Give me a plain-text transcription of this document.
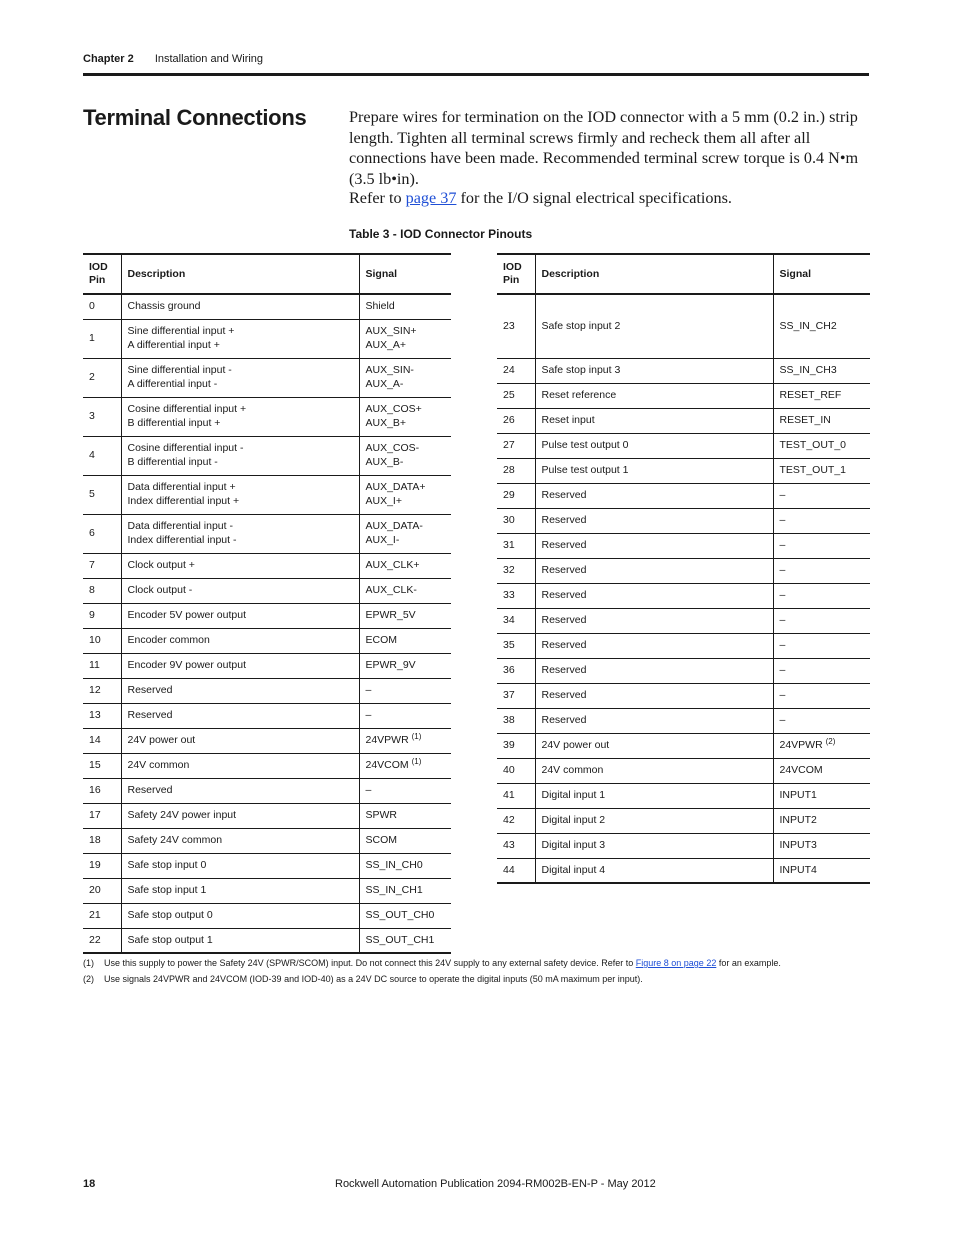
Chapter 2 Installation and Wiring
Terminal Connections	Prepare wires for termination on the IOD connector with a 5 mm (0.2 in.) strip length. Tighten all terminal screws firmly and recheck them all after all connections have been made. Recommended terminal screw torque is 0.4 N•m (3.5 lb•in).

Refer to page 37 for the I/O signal electrical specifications.

Table 3 - IOD Connector Pinouts

IOD
Pin	Description	Signal
0	Chassis ground	Shield
1	Sine differential input +
A differential input +	AUX_SIN+
AUX_A+
2	Sine differential input -
A differential input -	AUX_SIN-
AUX_A-
3	Cosine differential input +
B differential input +	AUX_COS+
AUX_B+
4	Cosine differential input -
B differential input -	AUX_COS-
AUX_B-
5	Data differential input +
Index differential input +	AUX_DATA+
AUX_I+
6	Data differential input -
Index differential input -	AUX_DATA-
AUX_I-
7	Clock output +	AUX_CLK+
8	Clock output -	AUX_CLK-
9	Encoder 5V power output	EPWR_5V
10	Encoder common	ECOM
11	Encoder 9V power output	EPWR_9V
12	Reserved	–
13	Reserved	–
14	24V power out	24VPWR $^{(1)}$
15	24V common	24VCOM $^{(1)}$
16	Reserved	–
17	Safety 24V power input	SPWR
18	Safety 24V common	SCOM
19	Safe stop input 0	SS_IN_CH0
20	Safe stop input 1	SS_IN_CH1
21	Safe stop output 0	SS_OUT_CH0
22	Safe stop output 1	SS_OUT_CH1
IOD
Pin	Description	Signal
23	Safe stop input 2	SS_IN_CH2
24	Safe stop input 3	SS_IN_CH3
25	Reset reference	RESET_REF
26	Reset input	RESET_IN
27	Pulse test output 0	TEST_OUT_0
28	Pulse test output 1	TEST_OUT_1
29	Reserved	–
30	Reserved	–
31	Reserved	–
32	Reserved	–
33	Reserved	–
34	Reserved	–
35	Reserved	–
36	Reserved	–
37	Reserved	–
38	Reserved	–
39	24V power out	24VPWR $^{(2)}$
40	24V common	24VCOM
41	Digital input 1	INPUT1
42	Digital input 2	INPUT2
43	Digital input 3	INPUT3
44	Digital input 4	INPUT4
(1) Use this supply to power the Safety 24V (SPWR/SCOM) input. Do not connect this 24V supply to any external safety device. Refer to Figure 8 on page 22 for an example.
(2) Use signals 24VPWR and 24VCOM (IOD-39 and IOD-40) as a 24V DC source to operate the digital inputs (50 mA maximum per input).
18	Rockwell Automation Publication 2094-RM002B-EN-P - May 2012
